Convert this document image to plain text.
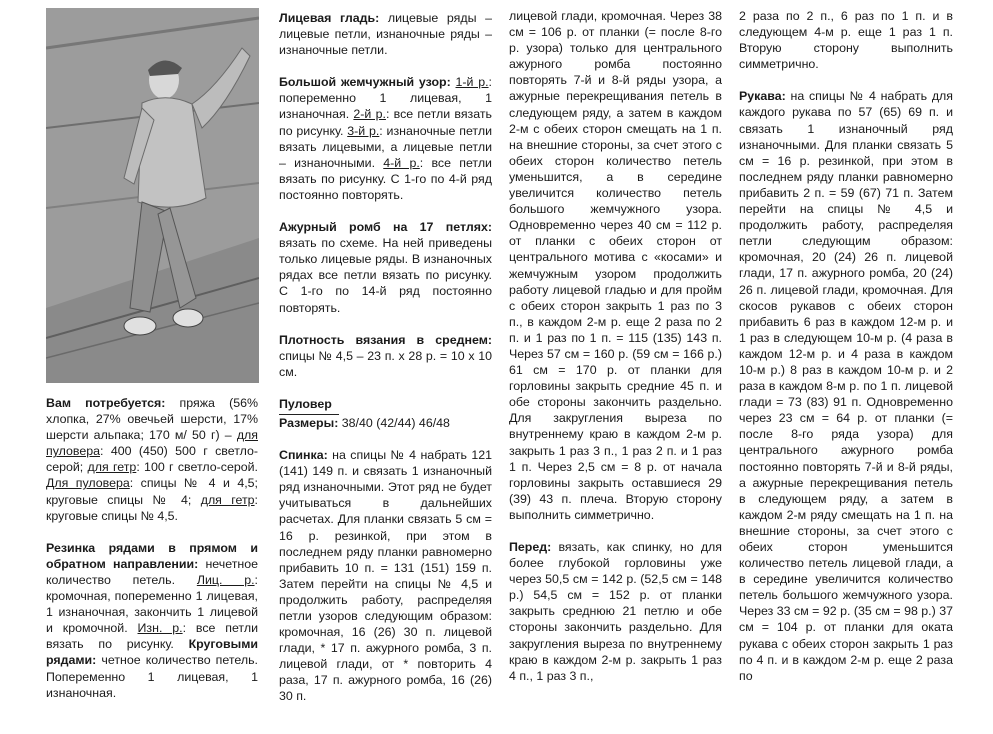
Вам потребуется: пряжа (56% хлопка, 27% овечьей шерсти, 17% шерсти альпака; 170 м/ 50 г) – для пуловера: 400 (450) 500 г светло-серой; для гетр: 100 г светло-серой. Для пуловера: спицы № 4 и 4,5; круговые спицы № 4; для гетр: круговые спицы № 4,5.

Резинка рядами в прямом и обратном направлении: нечетное количество петель. Лиц. р.: кромочная, попеременно 1 лицевая, 1 изнаночная, закончить 1 лицевой и кромочной. Изн. р.: все петли вязать по рисунку. Круговыми рядами: четное количество петель. Попеременно 1 лицевая, 1 изнаночная.

Лицевая гладь: лицевые ряды – лицевые петли, изнаночные ряды – изнаночные петли.

Большой жемчужный узор: 1-й р.: попеременно 1 лицевая, 1 изнаночная. 2-й р.: все петли вязать по рисунку. 3-й р.: изнаночные петли вязать лицевыми, а лицевые петли – изнаночными. 4-й р.: все петли вязать по рисунку. С 1-го по 4-й ряд постоянно повторять.

Ажурный ромб на 17 петлях: вязать по схеме. На ней приведены только лицевые ряды. В изнаночных рядах все петли вязать по рисунку. С 1-го по 14-й ряд постоянно повторять.

Плотность вязания в среднем: спицы № 4,5 – 23 п. х 28 р. = 10 х 10 см.

Пуловер

Размеры: 38/40 (42/44) 46/48

Спинка: на спицы № 4 набрать 121 (141) 149 п. и связать 1 изнаночный ряд изнаночными. Этот ряд не будет учитываться в дальнейших расчетах. Для планки связать 5 см = 16 р. резинкой, при этом в последнем ряду планки равномерно прибавить 10 п. = 131 (151) 159 п. Затем перейти на спицы № 4,5 и продолжить работу, распределяя петли узоров следующим образом: кромочная, 16 (26) 30 п. лицевой глади, * 17 п. ажурного ромба, 3 п. лицевой глади, от * повторить 4 раза, 17 п. ажурного ромба, 16 (26) 30 п.

лицевой глади, кромочная. Через 38 см = 106 р. от планки (= после 8-го р. узора) только для центрального ажурного ромба постоянно повторять 7-й и 8-й ряды узора, а ажурные перекрещивания петель в следующем ряду, а затем в каждом 2-м с обеих сторон смещать на 1 п. на внешние стороны, за счет этого с обеих сторон количество петель уменьшится, а в середине увеличится количество петель большого жемчужного узора. Одновременно через 40 см = 112 р. от планки с обеих сторон от центрального мотива с «косами» и жемчужным узором продолжить работу лицевой гладью и для пройм с обеих сторон закрыть 1 раз по 3 п., в каждом 2-м р. еще 2 раза по 2 п. и 1 раз по 1 п. = 115 (135) 143 п. Через 57 см = 160 р. (59 см = 166 р.) 61 см = 170 р. от планки для горловины закрыть средние 45 п. и обе стороны закончить раздельно. Для закругления выреза по внутреннему краю в каждом 2-м р. закрыть 1 раз 3 п., 1 раз 2 п. и 1 раз 1 п. Через 2,5 см = 8 р. от начала горловины закрыть оставшиеся 29 (39) 43 п. плеча. Вторую сторону выполнить симметрично.

Перед: вязать, как спинку, но для более глубокой горловины уже через 50,5 см = 142 р. (52,5 см = 148 р.) 54,5 см = 152 р. от планки закрыть среднюю 21 петлю и обе стороны закончить раздельно. Для закругления выреза по внутреннему краю в каждом 2-м р. закрыть 1 раз 4 п., 1 раз 3 п.,

2 раза по 2 п., 6 раз по 1 п. и в следующем 4-м р. еще 1 раз 1 п. Вторую сторону выполнить симметрично.

Рукава: на спицы № 4 набрать для каждого рукава по 57 (65) 69 п. и связать 1 изнаночный ряд изнаночными. Для планки связать 5 см = 16 р. резинкой, при этом в последнем ряду планки равномерно прибавить 2 п. = 59 (67) 71 п. Затем перейти на спицы № 4,5 и продолжить работу, распределяя петли следующим образом: кромочная, 20 (24) 26 п. лицевой глади, 17 п. ажурного ромба, 20 (24) 26 п. лицевой глади, кромочная. Для скосов рукавов с обеих сторон прибавить 6 раз в каждом 12-м р. и 1 раз в следующем 10-м р. (4 раза в каждом 12-м р. и 4 раза в каждом 10-м р.) 8 раз в каждом 10-м р. и 2 раза в каждом 8-м р. по 1 п. лицевой глади = 73 (83) 91 п. Одновременно через 23 см = 64 р. от планки (= после 8-го ряда узора) для центрального ажурного ромба постоянно повторять 7-й и 8-й ряды, а ажурные перекрещивания петель в следующем ряду, а затем в каждом 2-м ряду смещать на 1 п. на внешние стороны, за счет этого с обеих сторон уменьшится количество петель лицевой глади, а в середине увеличится количество петель большого жемчужного узора. Через 33 см = 92 р. (35 см = 98 р.) 37 см = 104 р. от планки для оката рукава с обеих сторон закрыть 1 раз по 4 п. и в каждом 2-м р. еще 2 раза по
